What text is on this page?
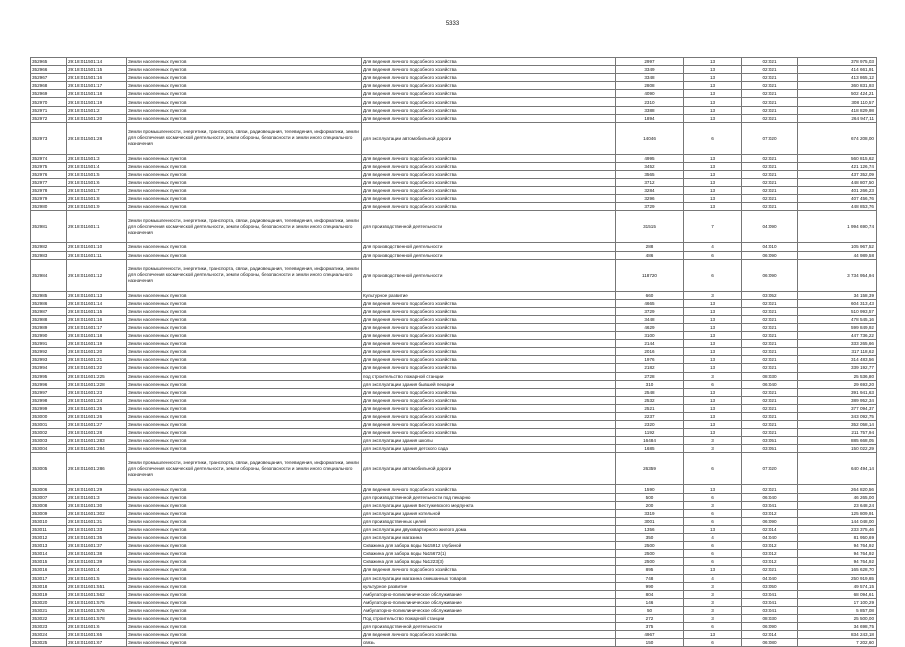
5333
352965	29:18:011501:14	Земли населенных пунктов	Для ведения личного подсобного хозяйства	2997	13	02:021	378 975,03
352966	29:18:011501:15	Земли населенных пунктов	Для ведения личного подсобного хозяйства	3349	13	02:021	414 661,91
352967	29:18:011501:16	Земли населенных пунктов	Для ведения личного подсобного хозяйства	3348	13	02:021	413 865,12
352968	29:18:011501:17	Земли населенных пунктов	Для ведения личного подсобного хозяйства	2808	13	02:021	360 831,93
352969	29:18:011501:18	Земли населенных пунктов	Для ведения личного подсобного хозяйства	4090	13	02:021	502 424,21
352970	29:18:011501:19	Земли населенных пунктов	Для ведения личного подсобного хозяйства	2310	13	02:021	308 110,57
352971	29:18:011501:2	Земли населенных пунктов	Для ведения личного подсобного хозяйства	3388	13	02:021	418 829,98
352972	29:18:011501:20	Земли населенных пунктов	Для ведения личного подсобного хозяйства	1894	13	02:021	264 947,11
352973	29:18:011501:28	Земли промышленности, энергетики, транспорта, связи, радиовещания, телевидения, информатики, земли для обеспечения космической деятельности, земли обороны, безопасности и земли иного специального назначения	для эксплуатации автомобильной дороги	14046	6	07:020	674 208,00
352974	29:18:011501:3	Земли населенных пунктов	Для ведения личного подсобного хозяйства	4995	13	02:021	560 815,62
352975	29:18:011501:4	Земли населенных пунктов	Для ведения личного подсобного хозяйства	3452	13	02:021	421 126,74
352976	29:18:011501:5	Земли населенных пунктов	Для ведения личного подсобного хозяйства	3565	13	02:021	437 352,09
352977	29:18:011501:6	Земли населенных пунктов	Для ведения личного подсобного хозяйства	3712	13	02:021	448 807,50
352978	29:18:011501:7	Земли населенных пунктов	Для ведения личного подсобного хозяйства	3284	13	02:021	401 266,23
352979	29:18:011501:8	Земли населенных пунктов	Для ведения личного подсобного хозяйства	3296	13	02:021	407 456,76
352980	29:18:011501:9	Земли населенных пунктов	Для ведения личного подсобного хозяйства	3729	13	02:021	448 853,76
352981	29:18:011601:1	Земли промышленности, энергетики, транспорта, связи, радиовещания, телевидения, информатики, земли для обеспечения космической деятельности, земли обороны, безопасности и земли иного специального назначения	для производственной деятельности	31515	7	04:090	1 994 690,74
352982	29:18:011601:10	Земли населенных пунктов	Для производственной деятельности	288	4	04:010	105 967,52
352983	29:18:011601:11	Земли населенных пунктов	Для производственной деятельности	486	6	06:090	44 989,58
352984	29:18:011601:12	Земли промышленности, энергетики, транспорта, связи, радиовещания, телевидения, информатики, земли для обеспечения космической деятельности, земли обороны, безопасности и земли иного специального назначения	Для производственной деятельности	118720	6	06:090	3 734 954,94
352985	29:18:011601:13	Земли населенных пунктов	Культурное развитие	660	3	03:052	34 158,39
352986	29:18:011601:14	Земли населенных пунктов	Для ведения личного подсобного хозяйства	4665	13	02:021	604 313,43
352987	29:18:011601:15	Земли населенных пунктов	Для ведения личного подсобного хозяйства	3729	13	02:021	510 993,57
352988	29:18:011601:16	Земли населенных пунктов	Для ведения личного подсобного хозяйства	3448	13	02:021	478 545,16
352989	29:18:011601:17	Земли населенных пунктов	Для ведения личного подсобного хозяйства	4629	13	02:021	599 849,92
352990	29:18:011601:18	Земли населенных пунктов	Для ведения личного подсобного хозяйства	3100	13	02:021	447 736,22
352991	29:18:011601:19	Земли населенных пунктов	Для ведения личного подсобного хозяйства	2144	13	02:021	333 265,66
352992	29:18:011601:20	Земли населенных пунктов	Для ведения личного подсобного хозяйства	2016	13	02:021	317 118,62
352993	29:18:011601:21	Земли населенных пунктов	Для ведения личного подсобного хозяйства	1976	13	02:021	314 483,56
352994	29:18:011601:22	Земли населенных пунктов	Для ведения личного подсобного хозяйства	2182	13	02:021	339 192,77
352995	29:18:011601:225	Земли населенных пунктов	под строительство пожарной станции	2728	3	08:030	25 536,80
352996	29:18:011601:228	Земли населенных пунктов	для эксплуатации здания бывшей пекарни	310	6	06:040	29 693,20
352997	29:18:011601:23	Земли населенных пунктов	Для ведения личного подсобного хозяйства	2548	13	02:021	391 941,63
352998	29:18:011601:24	Земли населенных пунктов	Для ведения личного подсобного хозяйства	2532	13	02:021	389 952,34
352999	29:18:011601:25	Земли населенных пунктов	Для ведения личного подсобного хозяйства	2521	13	02:021	377 094,37
353000	29:18:011601:26	Земли населенных пунктов	Для ведения личного подсобного хозяйства	2237	13	02:021	343 092,75
353001	29:18:011601:27	Земли населенных пунктов	Для ведения личного подсобного хозяйства	2320	13	02:021	352 058,14
353002	29:18:011601:28	Земли населенных пунктов	Для ведения личного подсобного хозяйства	1192	13	02:021	211 757,94
353003	29:18:011601:283	Земли населенных пунктов	для эксплуатации здания школы	16484	3	03:051	885 668,05
353004	29:18:011601:284	Земли населенных пунктов	для эксплуатации здания детского сада	1685	3	03:051	150 022,29
353005	29:18:011601:286	Земли промышленности, энергетики, транспорта, связи, радиовещания, телевидения, информатики, земли для обеспечения космической деятельности, земли обороны, безопасности и земли иного специального назначения	для эксплуатации автомобильной дороги	26359	6	07:020	640 494,14
353006	29:18:011601:29	Земли населенных пунктов	Для ведения личного подсобного хозяйства	1590	13	02:021	264 820,56
353007	29:18:011601:3	Земли населенных пунктов	для производственной деятельности под пекарню	500	6	06:040	46 265,00
353008	29:18:011601:30	Земли населенных пунктов	для эксплуатации здания Бестужевского медпункта	200	3	03:041	23 648,24
353009	29:18:011601:302	Земли населенных пунктов	для эксплуатации здания котельной	3319	6	03:012	125 809,91
353010	29:18:011601:31	Земли населенных пунктов	для производственных целей	3001	6	06:090	144 048,00
353011	29:18:011601:33	Земли населенных пунктов	для эксплуатации двухквартирного жилого дома	1356	13	02:014	233 375,46
353012	29:18:011601:35	Земли населенных пунктов	для эксплуатации магазина	350	4	04:040	81 950,69
353013	29:18:011601:37	Земли населенных пунктов	Скважина для забора воды №15912 глубиной	2500	6	03:012	94 764,92
353014	29:18:011601:38	Земли населенных пунктов	Скважина для забора воды №15672(1)	2500	6	03:012	94 764,92
353015	29:18:011601:39	Земли населенных пунктов	Скважина для забора воды №1223(3)	2500	6	03:012	94 764,92
353016	29:18:011601:4	Земли населенных пунктов	Для ведения личного подсобного хозяйства	895	13	02:021	165 628,70
353017	29:18:011601:5	Земли населенных пунктов	для эксплуатации магазина смешанных товаров	748	4	04:040	250 919,65
353018	29:18:011601:551	Земли населенных пунктов	культурное развитие	990	3	03:050	49 574,15
353019	29:18:011601:562	Земли населенных пунктов	Амбулаторно-поликлиническое обслуживание	804	3	03:041	68 094,61
353020	29:18:011601:575	Земли населенных пунктов	Амбулаторно-поликлиническое обслуживание	146	3	03:041	17 100,29
353021	29:18:011601:576	Земли населенных пунктов	Амбулаторно-поликлиническое обслуживание	50	3	03:041	5 857,08
353022	29:18:011601:578	Земли населенных пунктов	Под строительство пожарной станции	272	3	08:030	25 500,00
353023	29:18:011601:6	Земли населенных пунктов	для производственной деятельности	375	6	06:090	34 698,75
353024	29:18:011601:65	Земли населенных пунктов	Для ведения личного подсобного хозяйства	4967	13	02:014	834 243,18
353025	29:18:011601:67	Земли населенных пунктов	связь	150	6	06:080	7 202,60
